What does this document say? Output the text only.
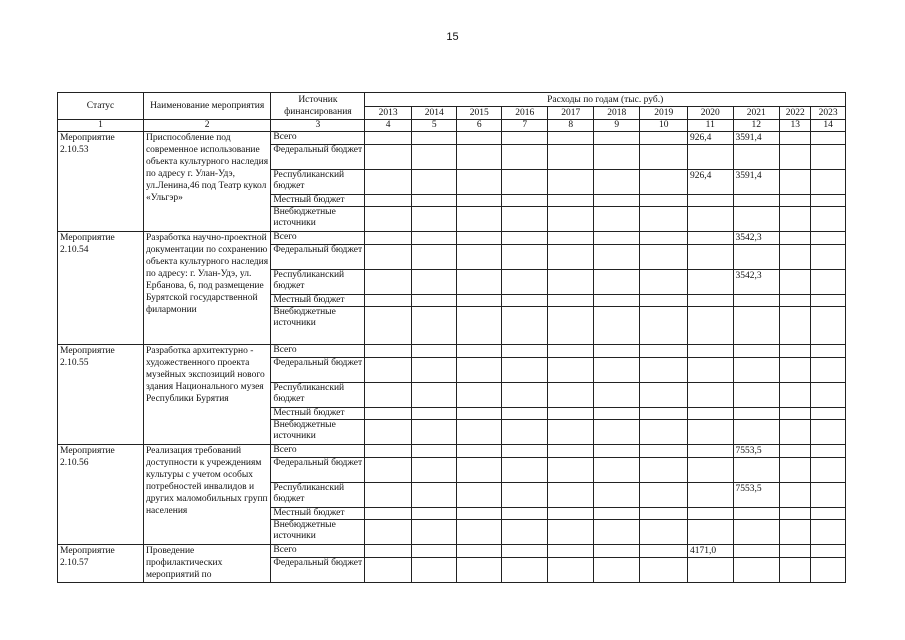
15
Статус	Наименование мероприятия	Источник финансирования	Расходы по годам (тыс. руб.)										
			2013	2014	2015	2016	2017	2018	2019	2020	2021	2022	2023
1	2	3	4	5	6	7	8	9	10	11	12	13	14
Мероприятие 2.10.53	Приспособление под современное использование объекта культурного наследия по адресу г. Улан-Удэ, ул.Ленина,46 под Театр кукол «Ульгэр»	Всего								926,4	3591,4		
		Федеральный бюджет											
		Республиканский бюджет								926,4	3591,4		
		Местный бюджет											
		Внебюджетные источники											
Мероприятие 2.10.54	Разработка научно-проектной документации по сохранению объекта культурного наследия по адресу: г. Улан-Удэ, ул. Ербанова, 6, под размещение Бурятской государственной филармонии	Всего									3542,3		
		Федеральный бюджет											
		Республиканский бюджет									3542,3		
		Местный бюджет											
		Внебюджетные источники											
Мероприятие 2.10.55	Разработка архитектурно - художественного проекта музейных экспозиций нового здания Национального музея Республики Бурятия	Всего											
		Федеральный бюджет											
		Республиканский бюджет											
		Местный бюджет											
		Внебюджетные источники											
Мероприятие 2.10.56	Реализация требований доступности к учреждениям культуры с учетом особых потребностей инвалидов и других маломобильных групп населения	Всего									7553,5		
		Федеральный бюджет											
		Республиканский бюджет									7553,5		
		Местный бюджет											
		Внебюджетные источники											
Мероприятие 2.10.57	Проведение профилактических мероприятий по	Всего								4171,0			
		Федеральный бюджет											
